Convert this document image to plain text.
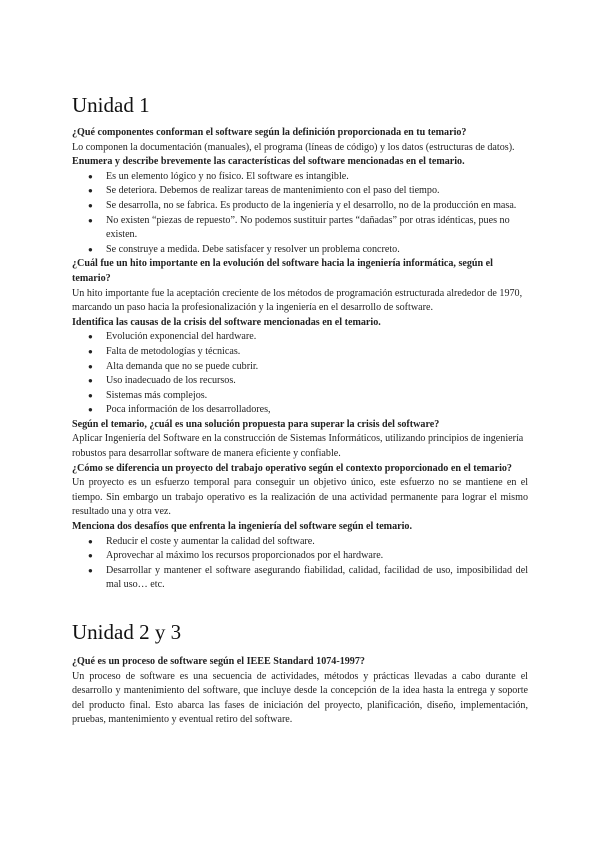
Unidad 1

¿Qué componentes conforman el software según la definición proporcionada en tu temario?

Lo componen la documentación (manuales), el programa (líneas de código) y los datos (estructuras de datos).

Enumera y describe brevemente las características del software mencionadas en el temario.

● Es un elemento lógico y no físico. El software es intangible.
● Se deteriora. Debemos de realizar tareas de mantenimiento con el paso del tiempo.
● Se desarrolla, no se fabrica. Es producto de la ingeniería y el desarrollo, no de la producción en masa.
● No existen “piezas de repuesto”. No podemos sustituir partes “dañadas” por otras idénticas, pues no existen.
● Se construye a medida. Debe satisfacer y resolver un problema concreto.

¿Cuál fue un hito importante en la evolución del software hacia la ingeniería informática, según el temario?

Un hito importante fue la aceptación creciente de los métodos de programación estructurada alrededor de 1970, marcando un paso hacia la profesionalización y la ingeniería en el desarrollo de software.

Identifica las causas de la crisis del software mencionadas en el temario.

● Evolución exponencial del hardware.
● Falta de metodologías y técnicas.
● Alta demanda que no se puede cubrir.
● Uso inadecuado de los recursos.
● Sistemas más complejos.
● Poca información de los desarrolladores,

Según el temario, ¿cuál es una solución propuesta para superar la crisis del software?

Aplicar Ingeniería del Software en la construcción de Sistemas Informáticos, utilizando principios de ingeniería robustos para desarrollar software de manera eficiente y confiable.

¿Cómo se diferencia un proyecto del trabajo operativo según el contexto proporcionado en el temario?

Un proyecto es un esfuerzo temporal para conseguir un objetivo único, este esfuerzo no se mantiene en el tiempo. Sin embargo un trabajo operativo es la realización de una actividad permanente para lograr el mismo resultado una y otra vez.

Menciona dos desafíos que enfrenta la ingeniería del software según el temario.

● Reducir el coste y aumentar la calidad del software.
● Aprovechar al máximo los recursos proporcionados por el hardware.
● Desarrollar y mantener el software asegurando fiabilidad, calidad, facilidad de uso, imposibilidad del mal uso… etc.
Unidad 2 y 3

¿Qué es un proceso de software según el IEEE Standard 1074-1997?

Un proceso de software es una secuencia de actividades, métodos y prácticas llevadas a cabo durante el desarrollo y mantenimiento del software, que incluye desde la concepción de la idea hasta la entrega y soporte del producto final. Esto abarca las fases de iniciación del proyecto, planificación, diseño, implementación, pruebas, mantenimiento y eventual retiro del software.
